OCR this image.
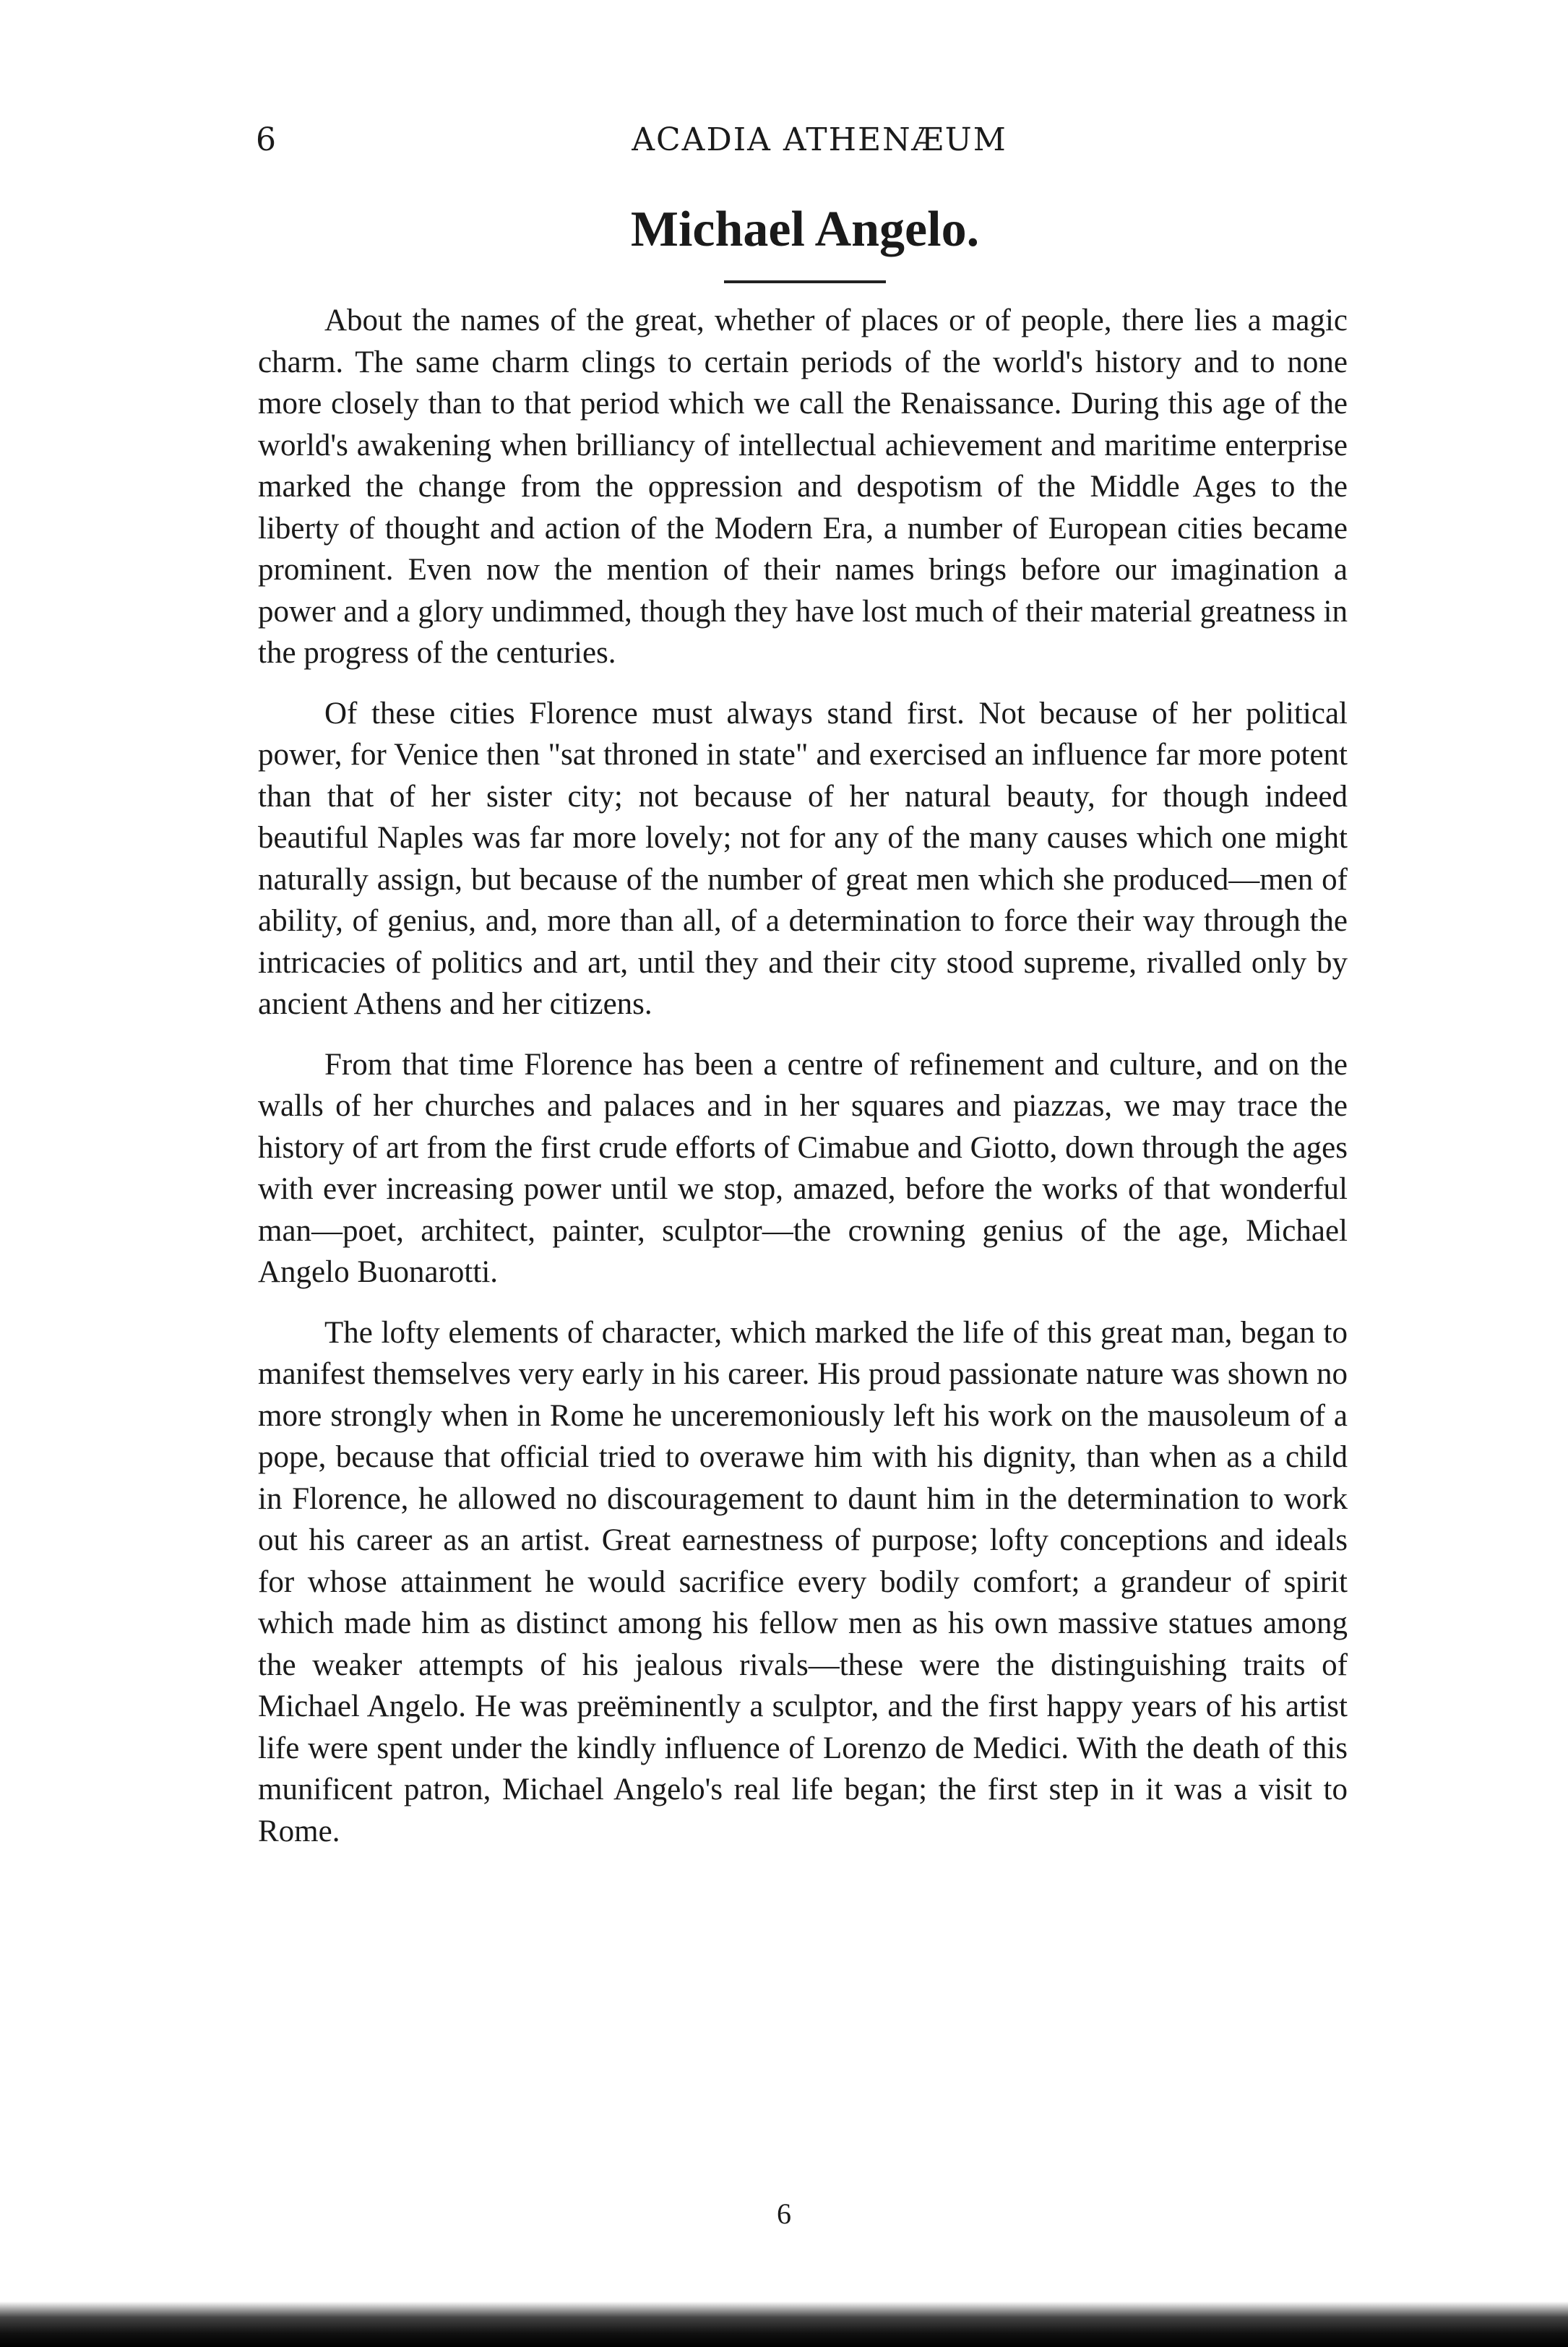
6	ACADIA ATHENÆUM
Michael Angelo.

About the names of the great, whether of places or of people, there lies a magic charm. The same charm clings to certain periods of the world's history and to none more closely than to that period which we call the Renaissance. During this age of the world's awakening when brilliancy of intellectual achievement and maritime enterprise marked the change from the oppression and despotism of the Middle Ages to the liberty of thought and action of the Modern Era, a number of European cities became prominent. Even now the mention of their names brings before our imagination a power and a glory undimmed, though they have lost much of their material greatness in the progress of the centuries.

Of these cities Florence must always stand first. Not because of her political power, for Venice then "sat throned in state" and exercised an influence far more potent than that of her sister city; not because of her natural beauty, for though indeed beautiful Naples was far more lovely; not for any of the many causes which one might naturally assign, but because of the number of great men which she produced—men of ability, of genius, and, more than all, of a determination to force their way through the intricacies of politics and art, until they and their city stood supreme, rivalled only by ancient Athens and her citizens.

From that time Florence has been a centre of refinement and culture, and on the walls of her churches and palaces and in her squares and piazzas, we may trace the history of art from the first crude efforts of Cimabue and Giotto, down through the ages with ever increasing power until we stop, amazed, before the works of that wonderful man—poet, architect, painter, sculptor—the crowning genius of the age, Michael Angelo Buonarotti.

The lofty elements of character, which marked the life of this great man, began to manifest themselves very early in his career. His proud passionate nature was shown no more strongly when in Rome he unceremoniously left his work on the mausoleum of a pope, because that official tried to overawe him with his dignity, than when as a child in Florence, he allowed no discouragement to daunt him in the determination to work out his career as an artist. Great earnestness of purpose; lofty conceptions and ideals for whose attainment he would sacrifice every bodily comfort; a grandeur of spirit which made him as distinct among his fellow men as his own massive statues among the weaker attempts of his jealous rivals—these were the distinguishing traits of Michael Angelo. He was preëminently a sculptor, and the first happy years of his artist life were spent under the kindly influence of Lorenzo de Medici. With the death of this munificent patron, Michael Angelo's real life began; the first step in it was a visit to Rome.

6
